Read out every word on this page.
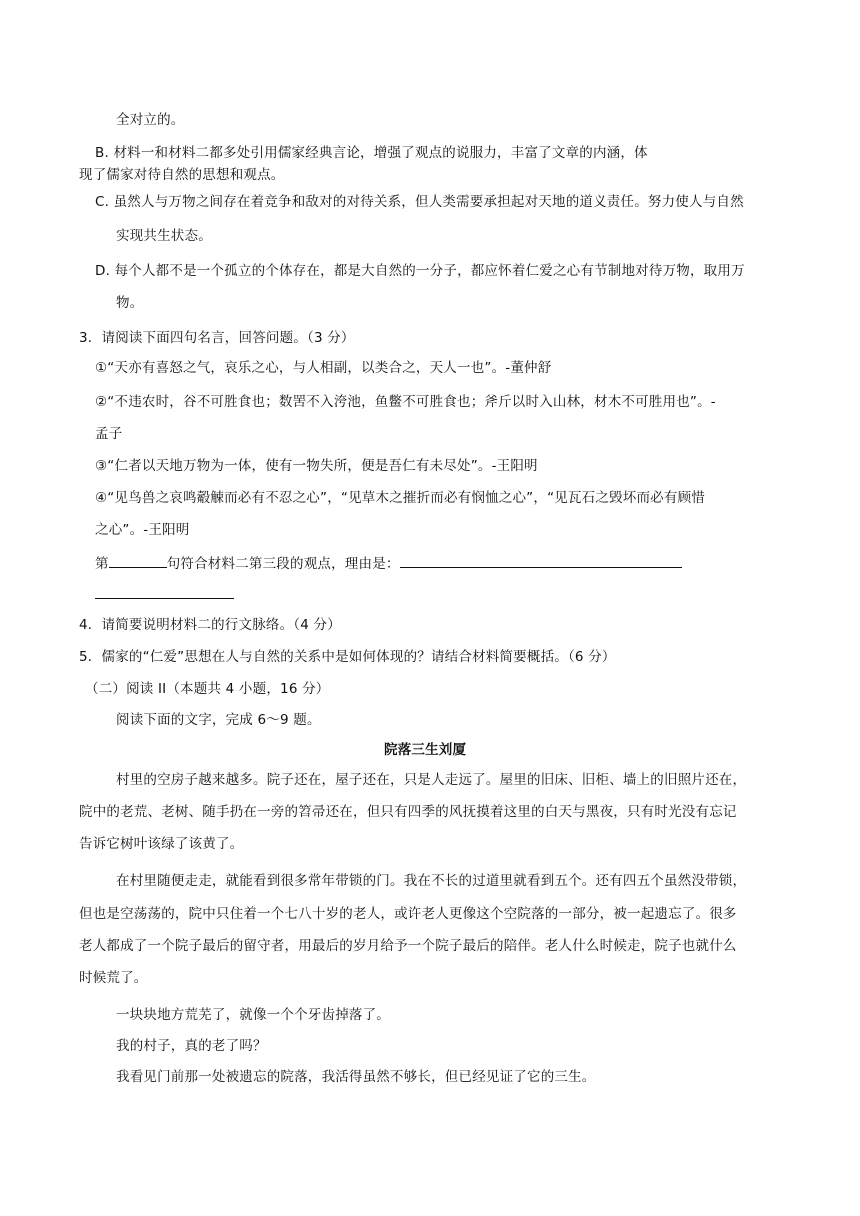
全对立的。
B. 材料一和材料二都多处引用儒家经典言论，增强了观点的说服力，丰富了文章的内涵，体
现了儒家对待自然的思想和观点。
C. 虽然人与万物之间存在着竞争和敌对的对待关系，但人类需要承担起对天地的道义责任。努力使人与自然
实现共生状态。
D. 每个人都不是一个孤立的个体存在，都是大自然的一分子，都应怀着仁爱之心有节制地对待万物，取用万
物。
3．请阅读下面四句名言，回答问题。（3 分）
①“天亦有喜怒之气，哀乐之心，与人相副，以类合之，天人一也”。-董仲舒
②“不违农时，谷不可胜食也；数罟不入洿池，鱼鳖不可胜食也；斧斤以时入山林，材木不可胜用也”。-
孟子
③“仁者以天地万物为一体，使有一物失所，便是吾仁有未尽处”。-王阳明
④“见鸟兽之哀鸣觳觫而必有不忍之心”，“见草木之摧折而必有悯恤之心”，“见瓦石之毁坏而必有顾惜
之心”。-王阳明
第	句符合材料二第三段的观点，理由是：
4．请简要说明材料二的行文脉络。（4 分）
5．儒家的“仁爱”思想在人与自然的关系中是如何体现的？请结合材料简要概括。（6 分）
（二）阅读 II（本题共 4 小题，16 分）
阅读下面的文字，完成 6～9 题。
院落三生刘厦
村里的空房子越来越多。院子还在，屋子还在，只是人走远了。屋里的旧床、旧柜、墙上的旧照片还在，
院中的老荒、老树、随手扔在一旁的笤帚还在，但只有四季的风抚摸着这里的白天与黑夜，只有时光没有忘记
告诉它树叶该绿了该黄了。
在村里随便走走，就能看到很多常年带锁的门。我在不长的过道里就看到五个。还有四五个虽然没带锁，
但也是空荡荡的，院中只住着一个七八十岁的老人，或许老人更像这个空院落的一部分，被一起遗忘了。很多
老人都成了一个院子最后的留守者，用最后的岁月给予一个院子最后的陪伴。老人什么时候走，院子也就什么
时候荒了。
一块块地方荒芜了，就像一个个牙齿掉落了。
我的村子，真的老了吗？
我看见门前那一处被遗忘的院落，我活得虽然不够长，但已经见证了它的三生。
